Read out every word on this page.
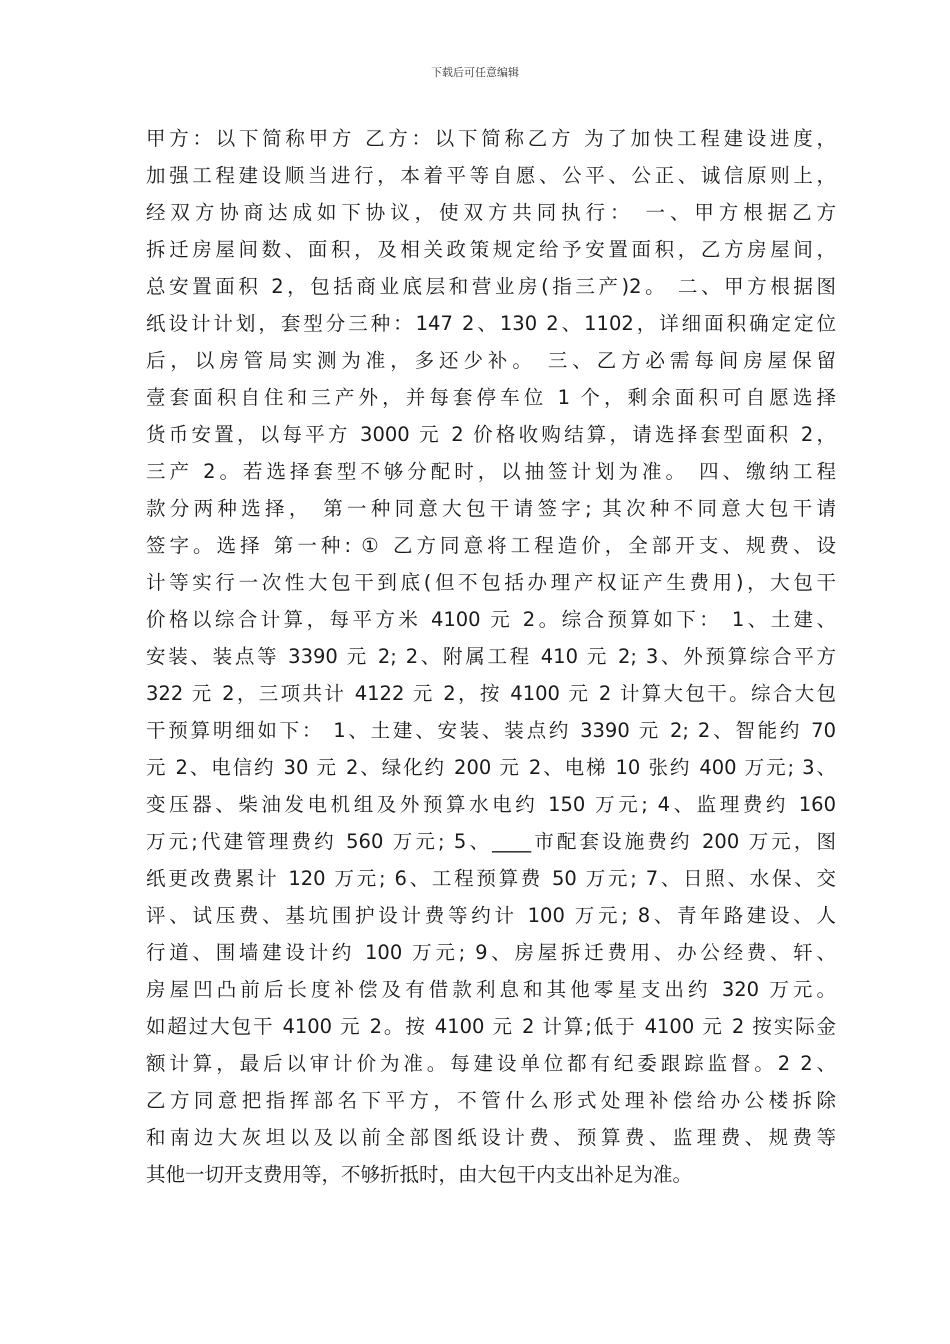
下载后可任意编辑
甲方：以下简称甲方 乙方：以下简称乙方 为了加快工程建设进度，
加强工程建设顺当进行，本着平等自愿、公平、公正、诚信原则上，
经双方协商达成如下协议，使双方共同执行： 一、甲方根据乙方
拆迁房屋间数、面积，及相关政策规定给予安置面积，乙方房屋间，
总安置面积 2，包括商业底层和营业房(指三产)2。 二、甲方根据图
纸设计计划，套型分三种：147 2、130 2、1102，详细面积确定定位
后，以房管局实测为准，多还少补。 三、乙方必需每间房屋保留
壹套面积自住和三产外，并每套停车位 1 个，剩余面积可自愿选择
货币安置，以每平方 3000 元 2 价格收购结算，请选择套型面积 2，
三产 2。若选择套型不够分配时，以抽签计划为准。 四、缴纳工程
款分两种选择， 第一种同意大包干请签字; 其次种不同意大包干请
签字。选择 第一种: ① 乙方同意将工程造价，全部开支、规费、设
计等实行一次性大包干到底(但不包括办理产权证产生费用)，大包干
价格以综合计算，每平方米 4100 元 2。综合预算如下： 1、土建、
安装、装点等 3390 元 2; 2、附属工程 410 元 2; 3、外预算综合平方
322 元 2，三项共计 4122 元 2，按 4100 元 2 计算大包干。综合大包
干预算明细如下： 1、土建、安装、装点约 3390 元 2; 2、智能约 70
元 2、电信约 30 元 2、绿化约 200 元 2、电梯 10 张约 400 万元; 3、
变压器、柴油发电机组及外预算水电约 150 万元; 4、监理费约 160
万元;代建管理费约 560 万元; 5、____市配套设施费约 200 万元，图
纸更改费累计 120 万元; 6、工程预算费 50 万元; 7、日照、水保、交
评、试压费、基坑围护设计费等约计 100 万元; 8、青年路建设、人
行道、围墙建设计约 100 万元; 9、房屋拆迁费用、办公经费、轩、
房屋凹凸前后长度补偿及有借款利息和其他零星支出约 320 万元。
如超过大包干 4100 元 2。按 4100 元 2 计算;低于 4100 元 2 按实际金
额计算，最后以审计价为准。每建设单位都有纪委跟踪监督。2 2、
乙方同意把指挥部名下平方，不管什么形式处理补偿给办公楼拆除
和南边大灰坦以及以前全部图纸设计费、预算费、监理费、规费等
其他一切开支费用等，不够折抵时，由大包干内支出补足为准。
